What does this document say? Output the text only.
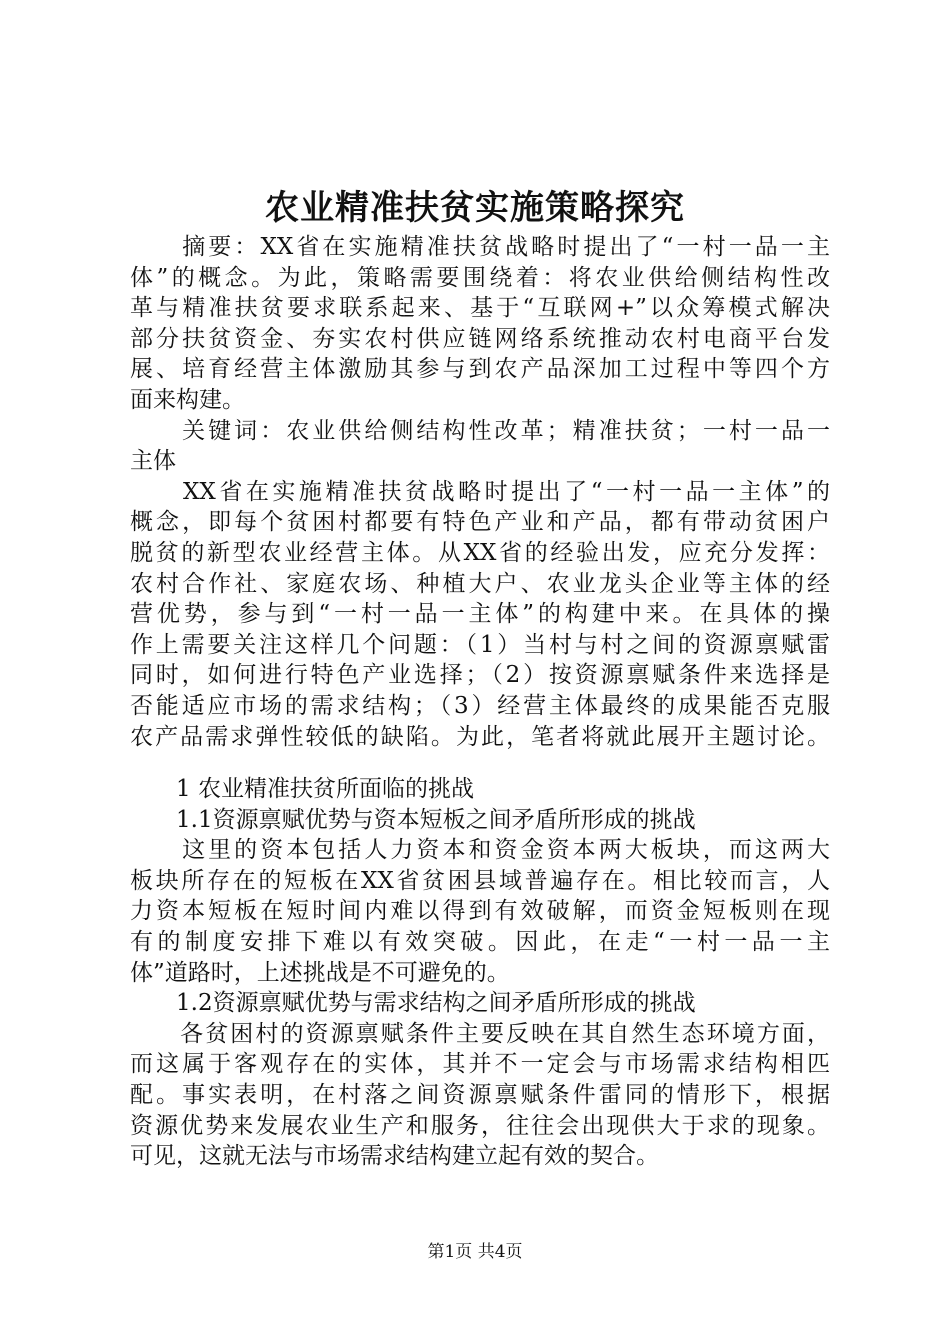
农业精准扶贫实施策略探究
　　摘要：XX省在实施精准扶贫战略时提出了“一村一品一主
体”的概念。为此，策略需要围绕着：将农业供给侧结构性改
革与精准扶贫要求联系起来、基于“互联网+”以众筹模式解决
部分扶贫资金、夯实农村供应链网络系统推动农村电商平台发
展、培育经营主体激励其参与到农产品深加工过程中等四个方
面来构建。
　　关键词：农业供给侧结构性改革；精准扶贫；一村一品一
主体
　　XX省在实施精准扶贫战略时提出了“一村一品一主体”的
概念，即每个贫困村都要有特色产业和产品，都有带动贫困户
脱贫的新型农业经营主体。从XX省的经验出发，应充分发挥：
农村合作社、家庭农场、种植大户、农业龙头企业等主体的经
营优势，参与到“一村一品一主体”的构建中来。在具体的操
作上需要关注这样几个问题：（1）当村与村之间的资源禀赋雷
同时，如何进行特色产业选择；（2）按资源禀赋条件来选择是
否能适应市场的需求结构；（3）经营主体最终的成果能否克服
农产品需求弹性较低的缺陷。为此，笔者将就此展开主题讨论。
　　1 农业精准扶贫所面临的挑战
　　1.1资源禀赋优势与资本短板之间矛盾所形成的挑战
　　这里的资本包括人力资本和资金资本两大板块，而这两大
板块所存在的短板在XX省贫困县域普遍存在。相比较而言，人
力资本短板在短时间内难以得到有效破解，而资金短板则在现
有的制度安排下难以有效突破。因此，在走“一村一品一主
体”道路时，上述挑战是不可避免的。
　　1.2资源禀赋优势与需求结构之间矛盾所形成的挑战
　　各贫困村的资源禀赋条件主要反映在其自然生态环境方面，
而这属于客观存在的实体，其并不一定会与市场需求结构相匹
配。事实表明，在村落之间资源禀赋条件雷同的情形下，根据
资源优势来发展农业生产和服务，往往会出现供大于求的现象。
可见，这就无法与市场需求结构建立起有效的契合。
第1页 共4页
